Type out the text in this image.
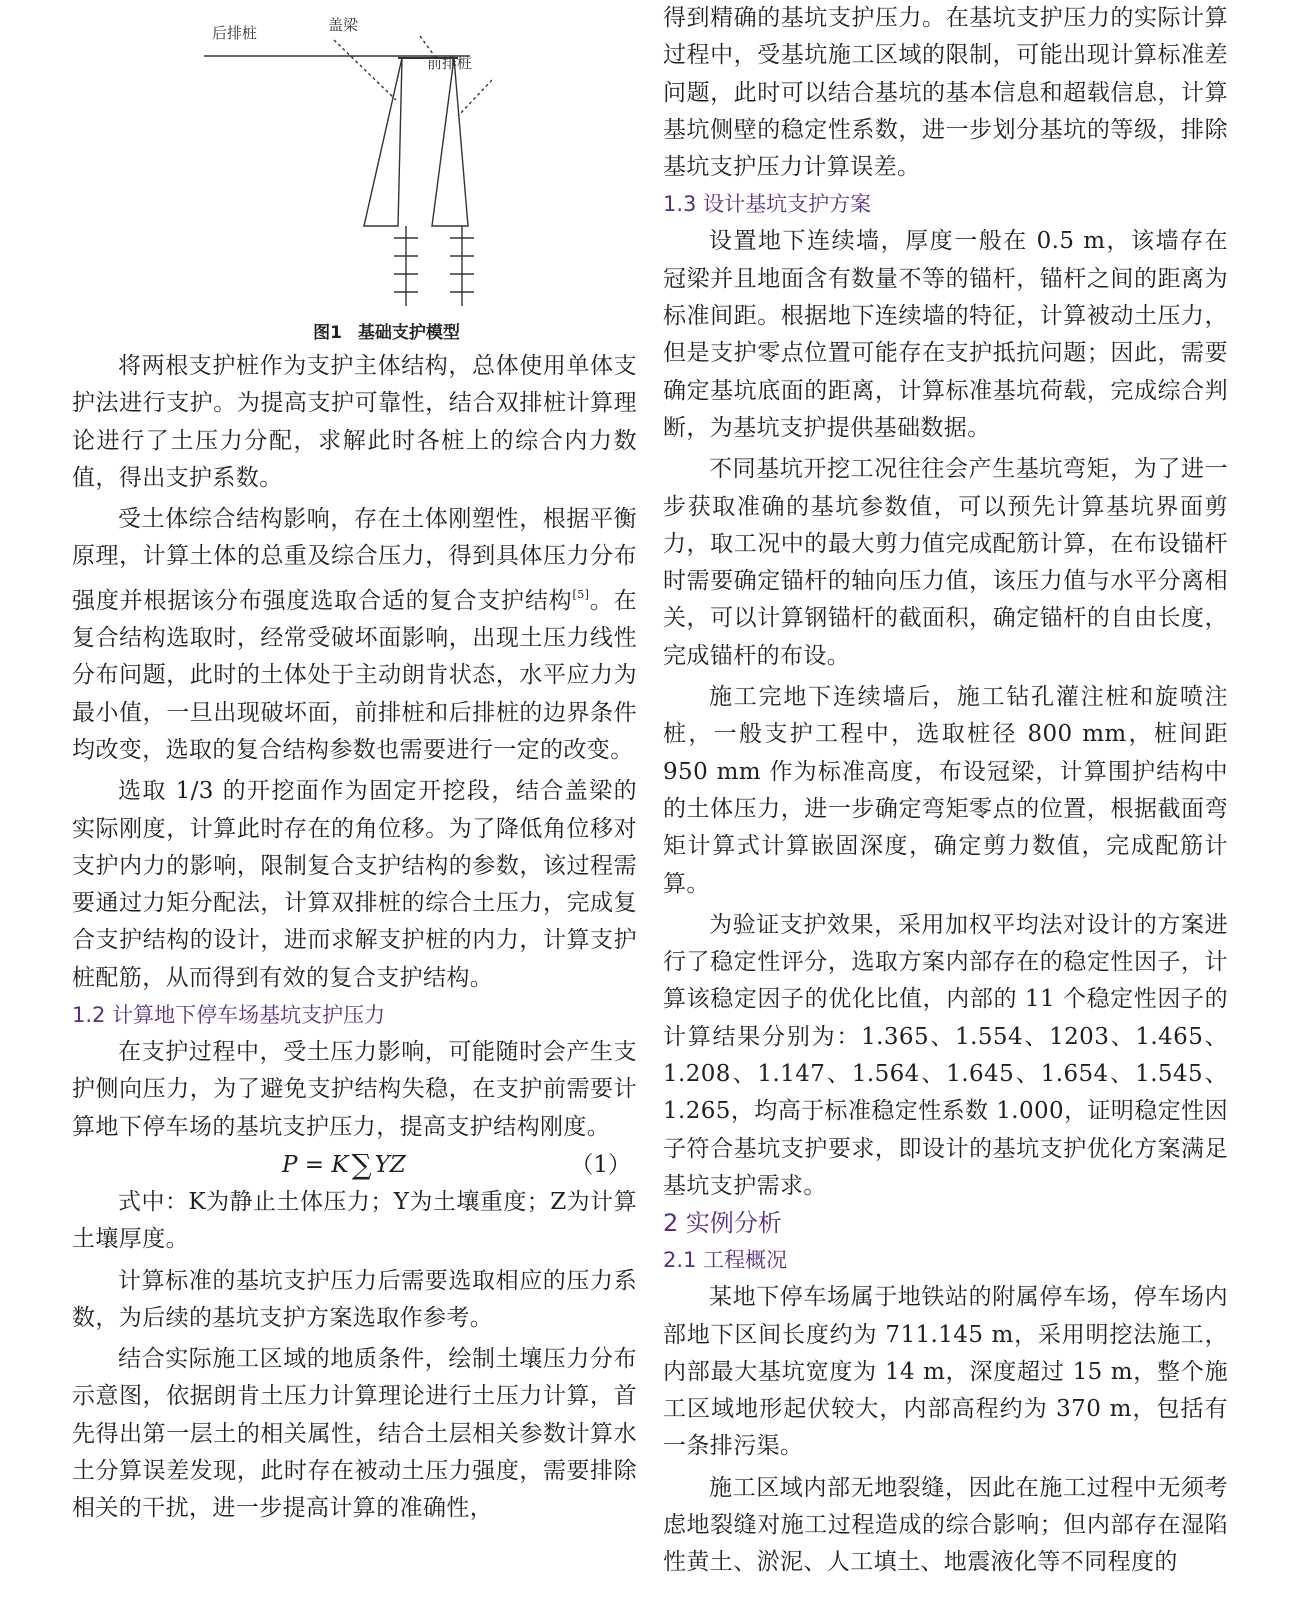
后排桩	盖梁
前排桩
图1 基础支护模型

将两根支护桩作为支护主体结构，总体使用单体支护法进行支护。为提高支护可靠性，结合双排桩计算理论进行了土压力分配，求解此时各桩上的综合内力数值，得出支护系数。

受土体综合结构影响，存在土体刚塑性，根据平衡原理，计算土体的总重及综合压力，得到具体压力分布强度并根据该分布强度选取合适的复合支护结构[5]。在复合结构选取时，经常受破坏面影响，出现土压力线性分布问题，此时的土体处于主动朗肯状态，水平应力为最小值，一旦出现破坏面，前排桩和后排桩的边界条件均改变，选取的复合结构参数也需要进行一定的改变。

选取 1/3 的开挖面作为固定开挖段，结合盖梁的实际刚度，计算此时存在的角位移。为了降低角位移对支护内力的影响，限制复合支护结构的参数，该过程需要通过力矩分配法，计算双排桩的综合土压力，完成复合支护结构的设计，进而求解支护桩的内力，计算支护桩配筋，从而得到有效的复合支护结构。

1.2 计算地下停车场基坑支护压力

在支护过程中，受土压力影响，可能随时会产生支护侧向压力，为了避免支护结构失稳，在支护前需要计算地下停车场的基坑支护压力，提高支护结构刚度。

P = K ∑ YZ	（1）

式中：K为静止土体压力；Y为土壤重度；Z为计算土壤厚度。

计算标准的基坑支护压力后需要选取相应的压力系数，为后续的基坑支护方案选取作参考。

结合实际施工区域的地质条件，绘制土壤压力分布示意图，依据朗肯土压力计算理论进行土压力计算，首先得出第一层土的相关属性，结合土层相关参数计算水土分算误差发现，此时存在被动土压力强度，需要排除相关的干扰，进一步提高计算的准确性，

得到精确的基坑支护压力。在基坑支护压力的实际计算过程中，受基坑施工区域的限制，可能出现计算标准差问题，此时可以结合基坑的基本信息和超载信息，计算基坑侧壁的稳定性系数，进一步划分基坑的等级，排除基坑支护压力计算误差。

1.3 设计基坑支护方案

设置地下连续墙，厚度一般在 0.5 m，该墙存在冠梁并且地面含有数量不等的锚杆，锚杆之间的距离为标准间距。根据地下连续墙的特征，计算被动土压力，但是支护零点位置可能存在支护抵抗问题；因此，需要确定基坑底面的距离，计算标准基坑荷载，完成综合判断，为基坑支护提供基础数据。

不同基坑开挖工况往往会产生基坑弯矩，为了进一步获取准确的基坑参数值，可以预先计算基坑界面剪力，取工况中的最大剪力值完成配筋计算，在布设锚杆时需要确定锚杆的轴向压力值，该压力值与水平分离相关，可以计算钢锚杆的截面积，确定锚杆的自由长度，完成锚杆的布设。

施工完地下连续墙后，施工钻孔灌注桩和旋喷注桩，一般支护工程中，选取桩径 800 mm，桩间距 950 mm 作为标准高度，布设冠梁，计算围护结构中的土体压力，进一步确定弯矩零点的位置，根据截面弯矩计算式计算嵌固深度，确定剪力数值，完成配筋计算。

为验证支护效果，采用加权平均法对设计的方案进行了稳定性评分，选取方案内部存在的稳定性因子，计算该稳定因子的优化比值，内部的 11 个稳定性因子的计算结果分别为：1.365、1.554、1203、1.465、1.208、1.147、1.564、1.645、1.654、1.545、1.265，均高于标准稳定性系数 1.000，证明稳定性因子符合基坑支护要求，即设计的基坑支护优化方案满足基坑支护需求。

2 实例分析
2.1 工程概况

某地下停车场属于地铁站的附属停车场，停车场内部地下区间长度约为 711.145 m，采用明挖法施工，内部最大基坑宽度为 14 m，深度超过 15 m，整个施工区域地形起伏较大，内部高程约为 370 m，包括有一条排污渠。

施工区域内部无地裂缝，因此在施工过程中无须考虑地裂缝对施工过程造成的综合影响；但内部存在湿陷性黄土、淤泥、人工填土、地震液化等不同程度的
